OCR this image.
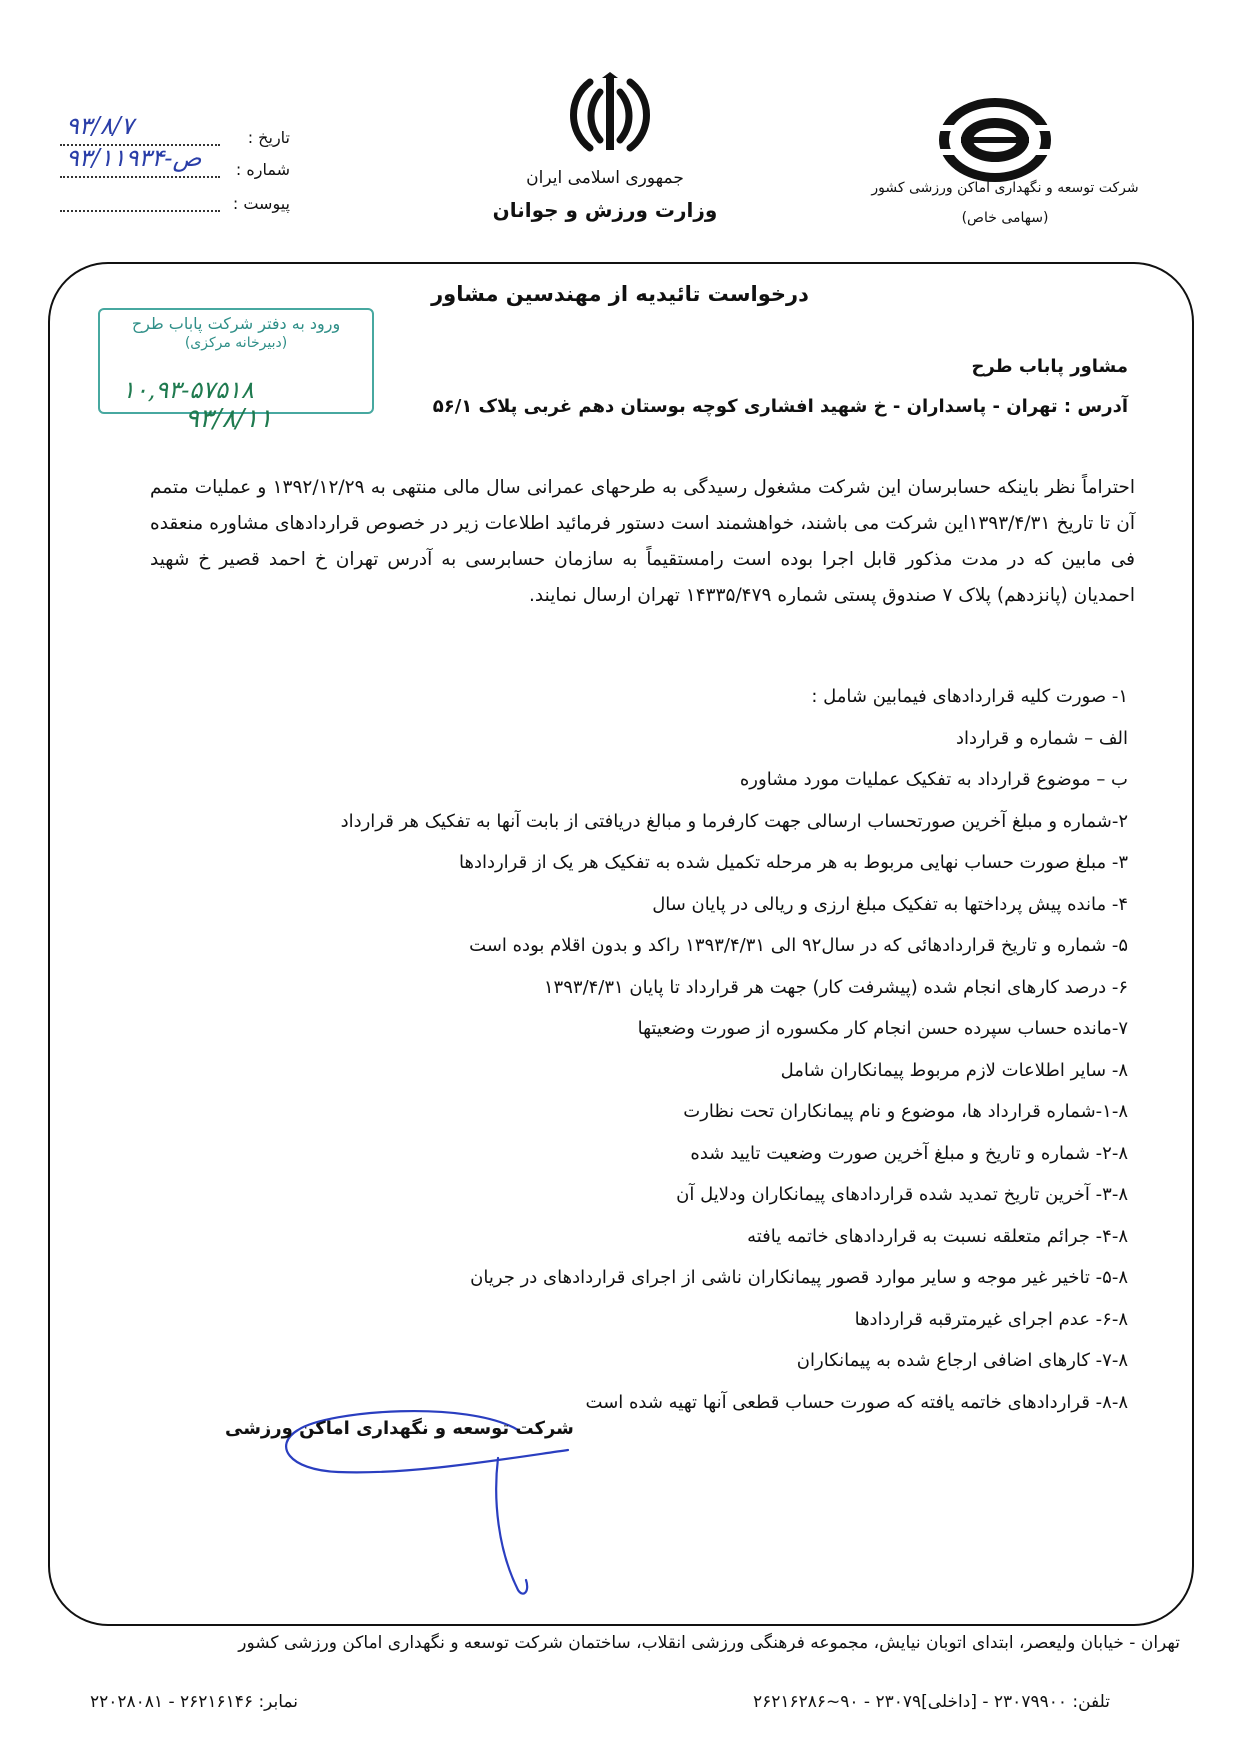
تاریخ :
۹۳/۸/۷
شماره :
۹۳/۱۱۹۳۴-ص
پیوست :
جمهوری اسلامی ایران
وزارت ورزش و جوانان
شرکت توسعه و نگهداری اماکن ورزشی کشور
(سهامی خاص)
درخواست تائیدیه از مهندسین مشاور
ورود به دفتر شرکت پاباب طرح
(دبیرخانه مرکزی)
۱۰,۹۳-۵۷۵۱۸
۹۳/۸/۱۱
مشاور پاباب طرح
آدرس : تهران - پاسداران - خ شهید افشاری کوچه بوستان دهم غربی پلاک ۵۶/۱
احتراماً نظر باینکه حسابرسان این شرکت مشغول رسیدگی به طرحهای عمرانی سال مالی منتهی به ۱۳۹۲/۱۲/۲۹ و عملیات متمم آن تا تاریخ ۱۳۹۳/۴/۳۱این شرکت می باشند، خواهشمند است دستور فرمائید اطلاعات زیر در خصوص قراردادهای مشاوره منعقده فی مابین که در مدت مذکور قابل اجرا بوده است رامستقیماً به سازمان حسابرسی به آدرس تهران خ احمد قصیر خ شهید احمدیان (پانزدهم) پلاک ۷ صندوق پستی شماره ۱۴۳۳۵/۴۷۹ تهران ارسال نمایند.
۱- صورت کلیه قراردادهای فیمابین شامل :
الف – شماره و قرارداد
ب – موضوع قرارداد به تفکیک عملیات مورد مشاوره
۲-شماره و مبلغ آخرین صورتحساب ارسالی جهت کارفرما و مبالغ دریافتی از بابت آنها به تفکیک هر قرارداد
۳- مبلغ صورت حساب نهایی مربوط به هر مرحله تکمیل شده به تفکیک هر یک از قراردادها
۴- مانده پیش پرداختها به تفکیک مبلغ ارزی و ریالی در پایان سال
۵- شماره و تاریخ قراردادهائی که در سال۹۲ الی ۱۳۹۳/۴/۳۱ راکد و بدون اقلام بوده است
۶- درصد کارهای انجام شده (پیشرفت کار) جهت هر قرارداد تا پایان ۱۳۹۳/۴/۳۱
۷-مانده حساب سپرده حسن انجام کار مکسوره از صورت وضعیتها
۸- سایر اطلاعات لازم مربوط پیمانکاران شامل
۱-۸-شماره قرارداد ها، موضوع و نام پیمانکاران تحت نظارت
۲-۸- شماره و تاریخ و مبلغ آخرین صورت وضعیت تایید شده
۳-۸- آخرین تاریخ تمدید شده قراردادهای پیمانکاران ودلایل آن
۴-۸- جرائم متعلقه نسبت به قراردادهای خاتمه یافته
۵-۸- تاخیر غیر موجه و سایر موارد قصور پیمانکاران ناشی از اجرای قراردادهای در جریان
۶-۸- عدم اجرای غیرمترقبه قراردادها
۷-۸- کارهای اضافی ارجاع شده به پیمانکاران
۸-۸- قراردادهای خاتمه یافته که صورت حساب قطعی آنها تهیه شده است
شرکت توسعه و نگهداری اماکن ورزشی
تهران - خیابان ولیعصر، ابتدای اتوبان نیایش، مجموعه فرهنگی ورزشی انقلاب، ساختمان شرکت توسعه و نگهداری اماکن ورزشی کشور
تلفن: ۲۳۰۷۹۹۰۰ - [داخلی]۲۳۰۷۹ - ۹۰~۲۶۲۱۶۲۸۶
نمابر: ۲۶۲۱۶۱۴۶ - ۲۲۰۲۸۰۸۱
